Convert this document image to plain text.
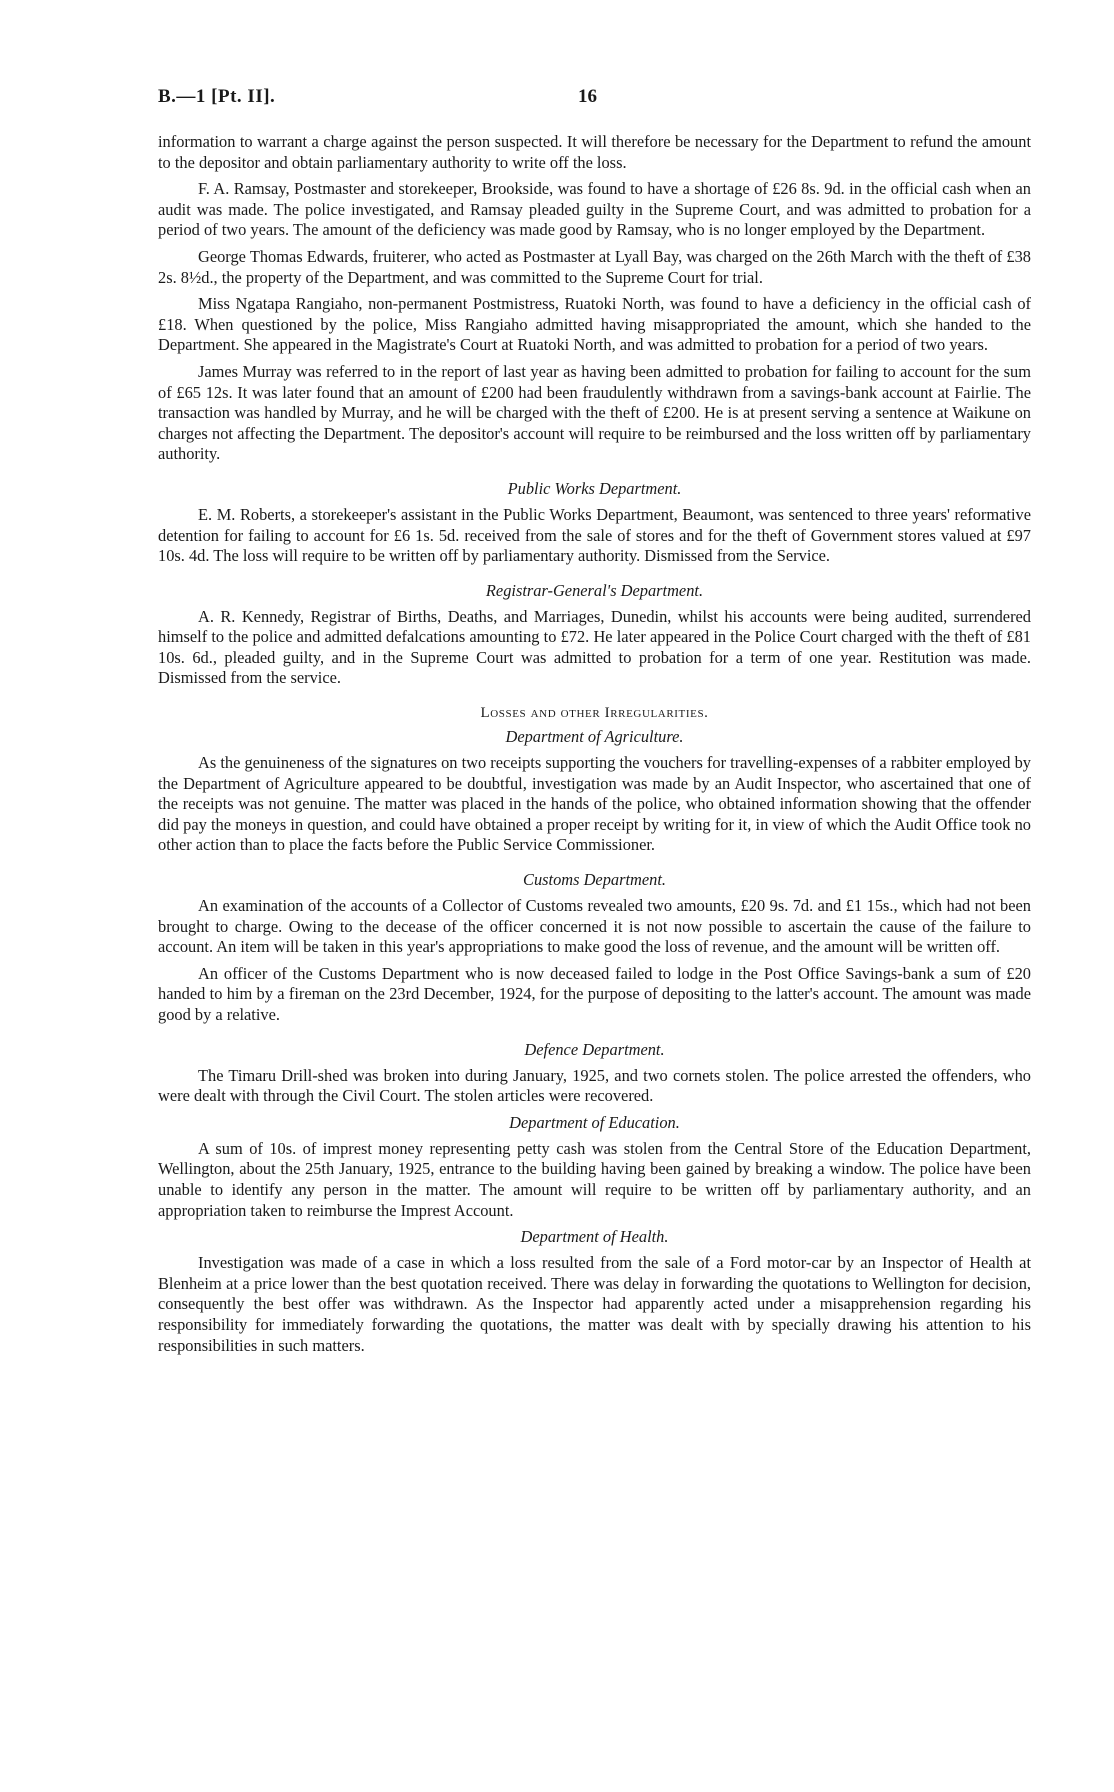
B.—1 [Pt. II].	16

information to warrant a charge against the person suspected. It will therefore be necessary for the Department to refund the amount to the depositor and obtain parliamentary authority to write off the loss.

F. A. Ramsay, Postmaster and storekeeper, Brookside, was found to have a shortage of £26 8s. 9d. in the official cash when an audit was made. The police investigated, and Ramsay pleaded guilty in the Supreme Court, and was admitted to probation for a period of two years. The amount of the deficiency was made good by Ramsay, who is no longer employed by the Department.

George Thomas Edwards, fruiterer, who acted as Postmaster at Lyall Bay, was charged on the 26th March with the theft of £38 2s. 8½d., the property of the Department, and was committed to the Supreme Court for trial.

Miss Ngatapa Rangiaho, non-permanent Postmistress, Ruatoki North, was found to have a deficiency in the official cash of £18. When questioned by the police, Miss Rangiaho admitted having misappropriated the amount, which she handed to the Department. She appeared in the Magistrate's Court at Ruatoki North, and was admitted to probation for a period of two years.

James Murray was referred to in the report of last year as having been admitted to probation for failing to account for the sum of £65 12s. It was later found that an amount of £200 had been fraudulently withdrawn from a savings-bank account at Fairlie. The transaction was handled by Murray, and he will be charged with the theft of £200. He is at present serving a sentence at Waikune on charges not affecting the Department. The depositor's account will require to be reimbursed and the loss written off by parliamentary authority.

Public Works Department.

E. M. Roberts, a storekeeper's assistant in the Public Works Department, Beaumont, was sentenced to three years' reformative detention for failing to account for £6 1s. 5d. received from the sale of stores and for the theft of Government stores valued at £97 10s. 4d. The loss will require to be written off by parliamentary authority. Dismissed from the Service.

Registrar-General's Department.

A. R. Kennedy, Registrar of Births, Deaths, and Marriages, Dunedin, whilst his accounts were being audited, surrendered himself to the police and admitted defalcations amounting to £72. He later appeared in the Police Court charged with the theft of £81 10s. 6d., pleaded guilty, and in the Supreme Court was admitted to probation for a term of one year. Restitution was made. Dismissed from the service.

Losses and other Irregularities.
Department of Agriculture.

As the genuineness of the signatures on two receipts supporting the vouchers for travelling-expenses of a rabbiter employed by the Department of Agriculture appeared to be doubtful, investigation was made by an Audit Inspector, who ascertained that one of the receipts was not genuine. The matter was placed in the hands of the police, who obtained information showing that the offender did pay the moneys in question, and could have obtained a proper receipt by writing for it, in view of which the Audit Office took no other action than to place the facts before the Public Service Commissioner.

Customs Department.

An examination of the accounts of a Collector of Customs revealed two amounts, £20 9s. 7d. and £1 15s., which had not been brought to charge. Owing to the decease of the officer concerned it is not now possible to ascertain the cause of the failure to account. An item will be taken in this year's appropriations to make good the loss of revenue, and the amount will be written off.

An officer of the Customs Department who is now deceased failed to lodge in the Post Office Savings-bank a sum of £20 handed to him by a fireman on the 23rd December, 1924, for the purpose of depositing to the latter's account. The amount was made good by a relative.

Defence Department.

The Timaru Drill-shed was broken into during January, 1925, and two cornets stolen. The police arrested the offenders, who were dealt with through the Civil Court. The stolen articles were recovered.

Department of Education.

A sum of 10s. of imprest money representing petty cash was stolen from the Central Store of the Education Department, Wellington, about the 25th January, 1925, entrance to the building having been gained by breaking a window. The police have been unable to identify any person in the matter. The amount will require to be written off by parliamentary authority, and an appropriation taken to reimburse the Imprest Account.

Department of Health.

Investigation was made of a case in which a loss resulted from the sale of a Ford motor-car by an Inspector of Health at Blenheim at a price lower than the best quotation received. There was delay in forwarding the quotations to Wellington for decision, consequently the best offer was withdrawn. As the Inspector had apparently acted under a misapprehension regarding his responsibility for immediately forwarding the quotations, the matter was dealt with by specially drawing his attention to his responsibilities in such matters.
